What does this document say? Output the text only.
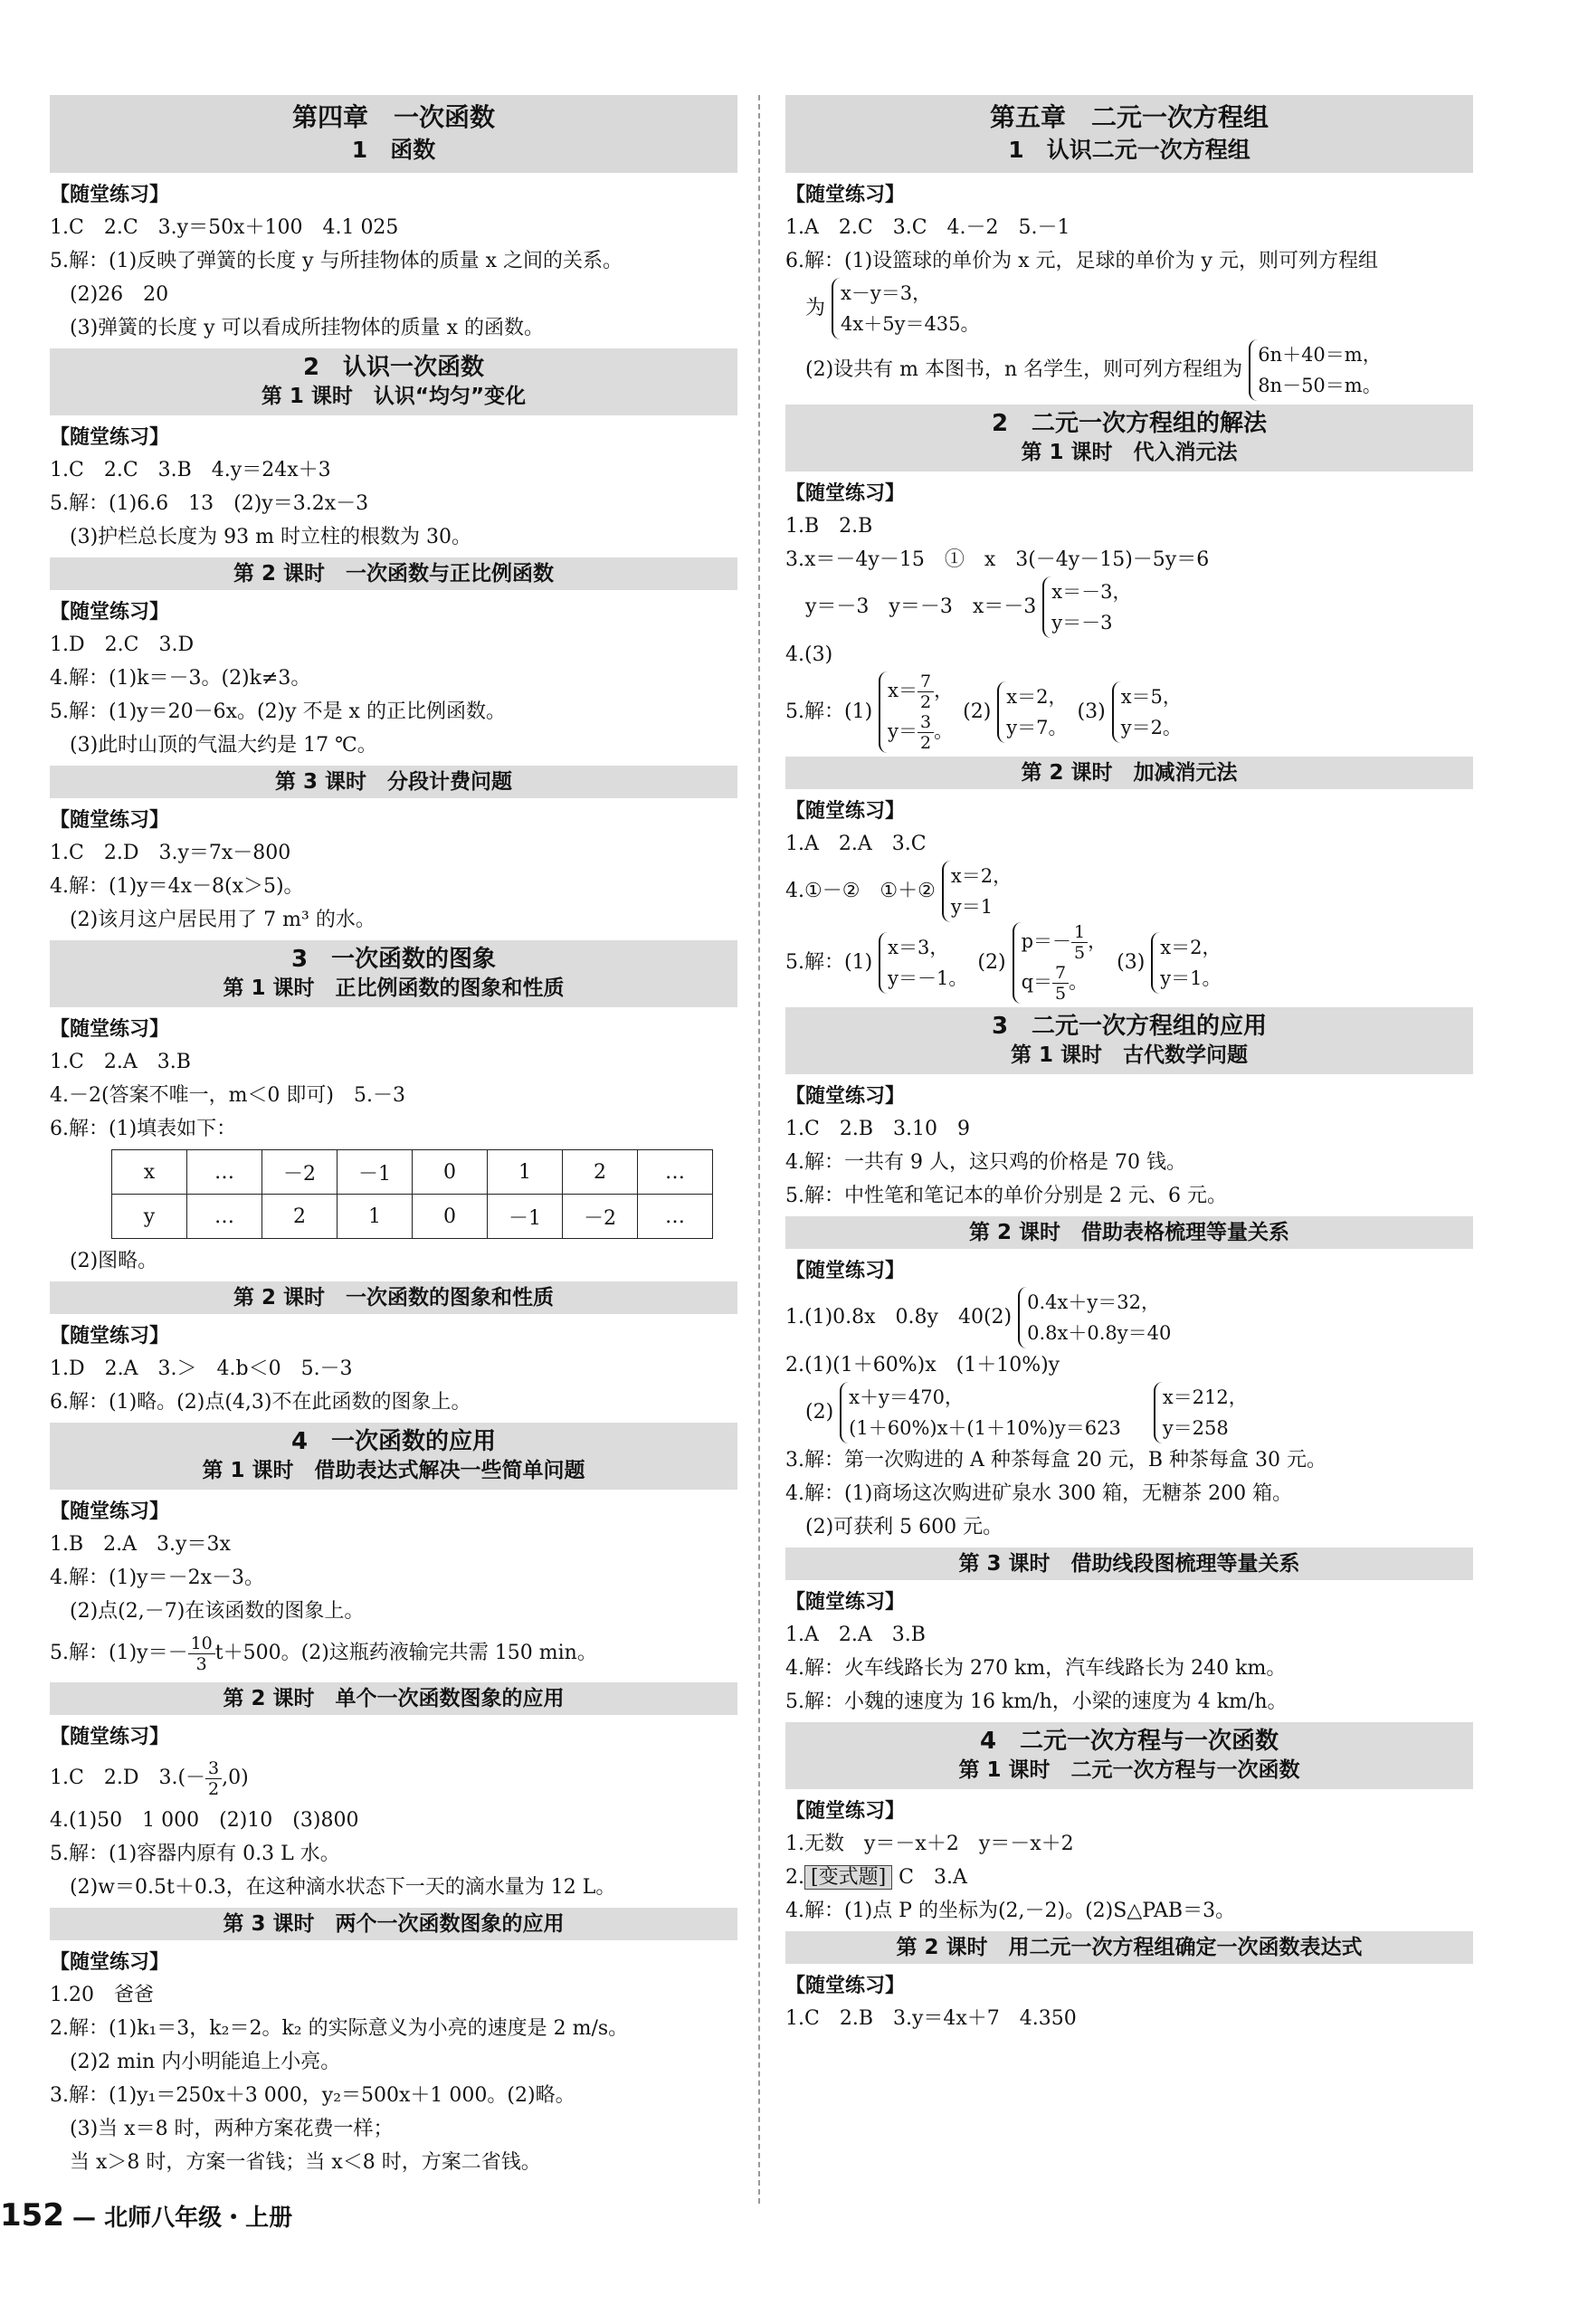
第四章　一次函数
1　函数
【随堂练习】
1.C　2.C　3.y＝50x＋100　4.1 025
5.解：(1)反映了弹簧的长度 y 与所挂物体的质量 x 之间的关系。
(2)26　20
(3)弹簧的长度 y 可以看成所挂物体的质量 x 的函数。
2　认识一次函数
第 1 课时　认识“均匀”变化
【随堂练习】
1.C　2.C　3.B　4.y＝24x＋3
5.解：(1)6.6　13　(2)y＝3.2x－3
(3)护栏总长度为 93 m 时立柱的根数为 30。
第 2 课时　一次函数与正比例函数
【随堂练习】
1.D　2.C　3.D
4.解：(1)k＝－3。(2)k≠3。
5.解：(1)y＝20－6x。(2)y 不是 x 的正比例函数。
(3)此时山顶的气温大约是 17 ℃。
第 3 课时　分段计费问题
【随堂练习】
1.C　2.D　3.y＝7x－800
4.解：(1)y＝4x－8(x＞5)。
(2)该月这户居民用了 7 m³ 的水。
3　一次函数的图象
第 1 课时　正比例函数的图象和性质
【随堂练习】
1.C　2.A　3.B
4.－2(答案不唯一，m＜0 即可)　5.－3
6.解：(1)填表如下：
x	…	－2	－1	0	1	2	…
y	…	2	1	0	－1	－2	…
(2)图略。
第 2 课时　一次函数的图象和性质
【随堂练习】
1.D　2.A　3.＞　4.b＜0　5.－3
6.解：(1)略。(2)点(4,3)不在此函数的图象上。
4　一次函数的应用
第 1 课时　借助表达式解决一些简单问题
【随堂练习】
1.B　2.A　3.y＝3x
4.解：(1)y＝－2x－3。
(2)点(2,－7)在该函数的图象上。
5.解：$(1)y=- \frac{10}{3} t+500$。(2)这瓶药液输完共需 150 min。
第 2 课时　单个一次函数图象的应用
【随堂练习】
1.C　2.D　$3.(- \frac{3}{2} ,0)$
4.(1)50　1 000　(2)10　(3)800
5.解：(1)容器内原有 0.3 L 水。
(2)w＝0.5t＋0.3，在这种滴水状态下一天的滴水量为 12 L。
第 3 课时　两个一次函数图象的应用
【随堂练习】
1.20　爸爸
2.解：(1)k₁＝3，k₂＝2。k₂ 的实际意义为小亮的速度是 2 m/s。
(2)2 min 内小明能追上小亮。
3.解：(1)y₁＝250x＋3 000，y₂＝500x＋1 000。(2)略。
(3)当 x＝8 时，两种方案花费一样；
当 x＞8 时，方案一省钱；当 x＜8 时，方案二省钱。
第五章　二元一次方程组
1　认识二元一次方程组
【随堂练习】
1.A　2.C　3.C　4.－2　5.－1
6.解：(1)设篮球的单价为 x 元，足球的单价为 y 元，则可列方程组
为
x－y＝3，
4x＋5y＝435。
(2)设共有 m 本图书，n 名学生，则可列方程组为
6n＋40＝m，
8n－50＝m。
2　二元一次方程组的解法
第 1 课时　代入消元法
【随堂练习】
1.B　2.B
3.x＝－4y－15　①　x　3(－4y－15)－5y＝6
y＝－3　y＝－3　x＝－3
x＝－3，
y＝－3
4.(3)
5.解：(1)
$x= \frac{7}{2}$ ，
$y= \frac{3}{2}$ 。
(2)
x＝2，
y＝7。
(3)
x＝5，
y＝2。
第 2 课时　加减消元法
【随堂练习】
1.A　2.A　3.C
4.①－②　①＋②
x＝2，
y＝1
5.解：(1)
x＝3，
y＝－1。
(2)
$p=- \frac{1}{5}$ ，
$q= \frac{7}{5}$ 。
(3)
x＝2，
y＝1。
3　二元一次方程组的应用
第 1 课时　古代数学问题
【随堂练习】
1.C　2.B　3.10　9
4.解：一共有 9 人，这只鸡的价格是 70 钱。
5.解：中性笔和笔记本的单价分别是 2 元、6 元。
第 2 课时　借助表格梳理等量关系
【随堂练习】
1.(1)0.8x　0.8y　40(2)
0.4x＋y＝32，
0.8x＋0.8y＝40
2.(1)(1＋60%)x　(1＋10%)y
(2)
x＋y＝470，
(1＋60%)x＋(1＋10%)y＝623

x＝212，
y＝258
3.解：第一次购进的 A 种茶每盒 20 元，B 种茶每盒 30 元。
4.解：(1)商场这次购进矿泉水 300 箱，无糖茶 200 箱。
(2)可获利 5 600 元。
第 3 课时　借助线段图梳理等量关系
【随堂练习】
1.A　2.A　3.B
4.解：火车线路长为 270 km，汽车线路长为 240 km。
5.解：小魏的速度为 16 km/h，小梁的速度为 4 km/h。
4　二元一次方程与一次函数
第 1 课时　二元一次方程与一次函数
【随堂练习】
1.无数　y＝－x＋2　y＝－x＋2
2. [变式题] C　3.A
4.解：(1)点 P 的坐标为(2,－2)。(2)S△PAB＝3。
第 2 课时　用二元一次方程组确定一次函数表达式
【随堂练习】
1.C　2.B　3.y＝4x＋7　4.350
152 — 北师八年级・上册
